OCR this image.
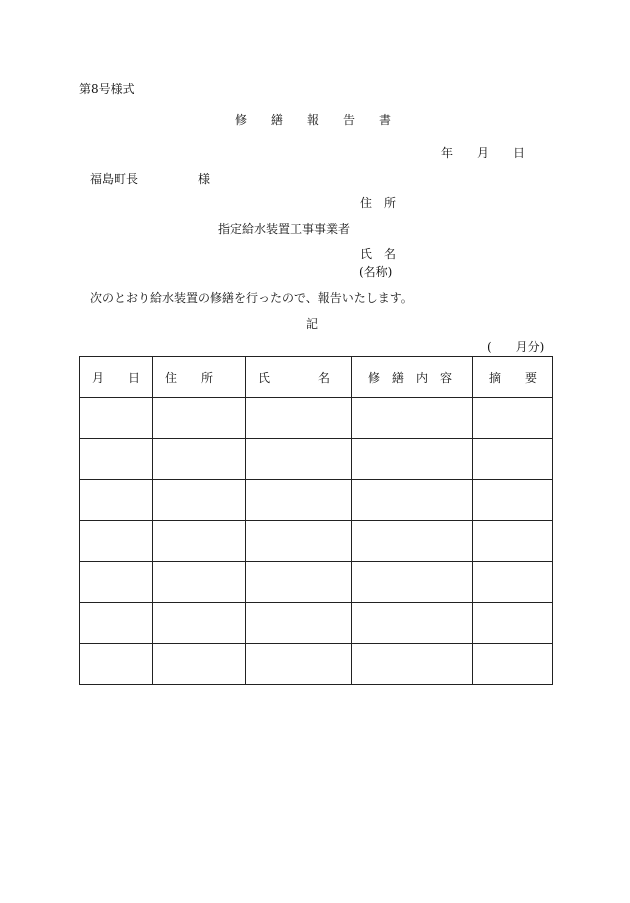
第8号様式
修　　繕　　報　　告　　書
年　　月　　日
福島町長　　　　　様
住　所
指定給水装置工事事業者
氏　名
(名称)
次のとおり給水装置の修繕を行ったので、報告いたします。
記
(　　月分)
月　　日	住　　所	氏　　　　名	修　繕　内　容	摘　　要
